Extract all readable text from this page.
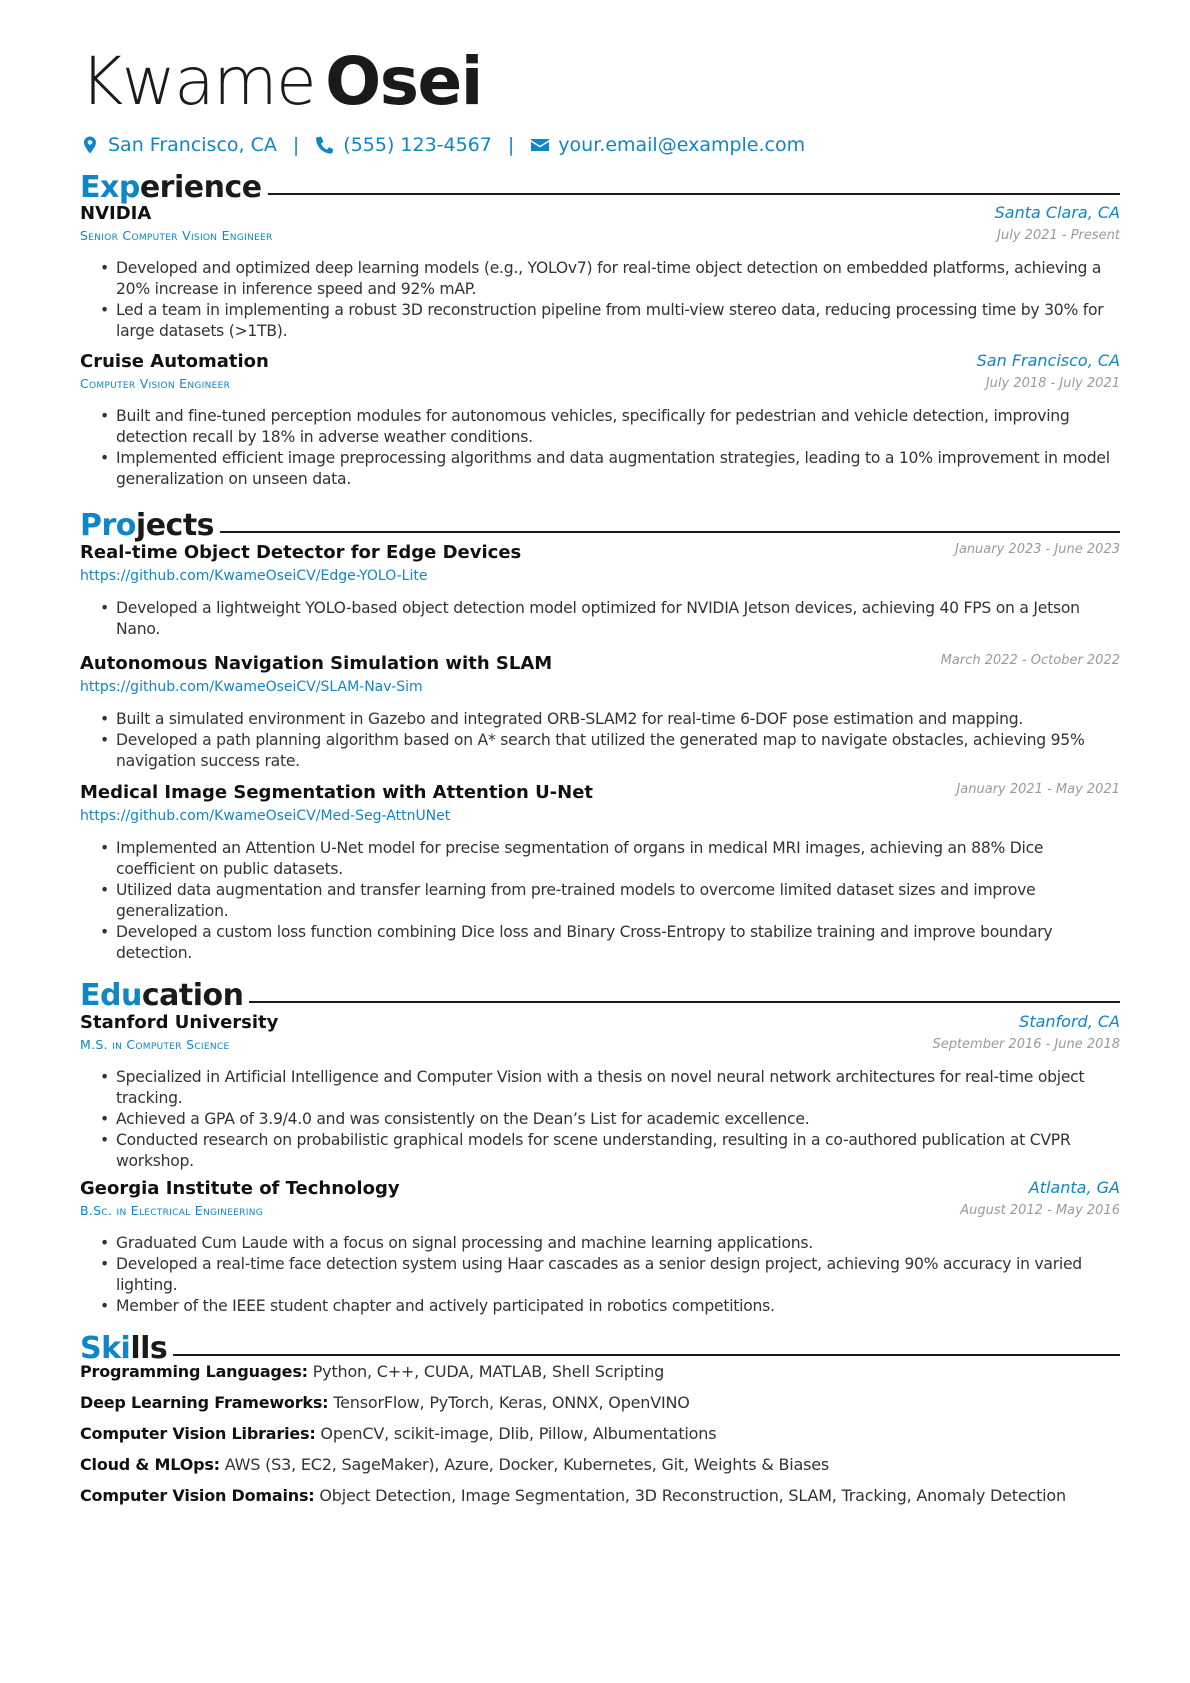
Kwame Osei
San Francisco, CA | (555) 123-4567 | your.email@example.com
Experience
NVIDIA	Santa Clara, CA
Senior Computer Vision Engineer	July 2021 - Present
• Developed and optimized deep learning models (e.g., YOLOv7) for real-time object detection on embedded platforms, achieving a 20% increase in inference speed and 92% mAP.
• Led a team in implementing a robust 3D reconstruction pipeline from multi-view stereo data, reducing processing time by 30% for large datasets (>1TB).
Cruise Automation	San Francisco, CA
Computer Vision Engineer	July 2018 - July 2021
• Built and fine-tuned perception modules for autonomous vehicles, specifically for pedestrian and vehicle detection, improving detection recall by 18% in adverse weather conditions.
• Implemented efficient image preprocessing algorithms and data augmentation strategies, leading to a 10% improvement in model generalization on unseen data.
Projects
Real-time Object Detector for Edge Devices	January 2023 - June 2023
https://github.com/KwameOseiCV/Edge-YOLO-Lite
• Developed a lightweight YOLO-based object detection model optimized for NVIDIA Jetson devices, achieving 40 FPS on a Jetson Nano.
Autonomous Navigation Simulation with SLAM	March 2022 - October 2022
https://github.com/KwameOseiCV/SLAM-Nav-Sim
• Built a simulated environment in Gazebo and integrated ORB-SLAM2 for real-time 6-DOF pose estimation and mapping.
• Developed a path planning algorithm based on A* search that utilized the generated map to navigate obstacles, achieving 95% navigation success rate.
Medical Image Segmentation with Attention U-Net	January 2021 - May 2021
https://github.com/KwameOseiCV/Med-Seg-AttnUNet
• Implemented an Attention U-Net model for precise segmentation of organs in medical MRI images, achieving an 88% Dice coefficient on public datasets.
• Utilized data augmentation and transfer learning from pre-trained models to overcome limited dataset sizes and improve generalization.
• Developed a custom loss function combining Dice loss and Binary Cross-Entropy to stabilize training and improve boundary detection.
Education
Stanford University	Stanford, CA
M.S. in Computer Science	September 2016 - June 2018
• Specialized in Artificial Intelligence and Computer Vision with a thesis on novel neural network architectures for real-time object tracking.
• Achieved a GPA of 3.9/4.0 and was consistently on the Dean’s List for academic excellence.
• Conducted research on probabilistic graphical models for scene understanding, resulting in a co-authored publication at CVPR workshop.
Georgia Institute of Technology	Atlanta, GA
B.Sc. in Electrical Engineering	August 2012 - May 2016
• Graduated Cum Laude with a focus on signal processing and machine learning applications.
• Developed a real-time face detection system using Haar cascades as a senior design project, achieving 90% accuracy in varied lighting.
• Member of the IEEE student chapter and actively participated in robotics competitions.
Skills
Programming Languages: Python, C++, CUDA, MATLAB, Shell Scripting
Deep Learning Frameworks: TensorFlow, PyTorch, Keras, ONNX, OpenVINO
Computer Vision Libraries: OpenCV, scikit-image, Dlib, Pillow, Albumentations
Cloud & MLOps: AWS (S3, EC2, SageMaker), Azure, Docker, Kubernetes, Git, Weights & Biases
Computer Vision Domains: Object Detection, Image Segmentation, 3D Reconstruction, SLAM, Tracking, Anomaly Detection
